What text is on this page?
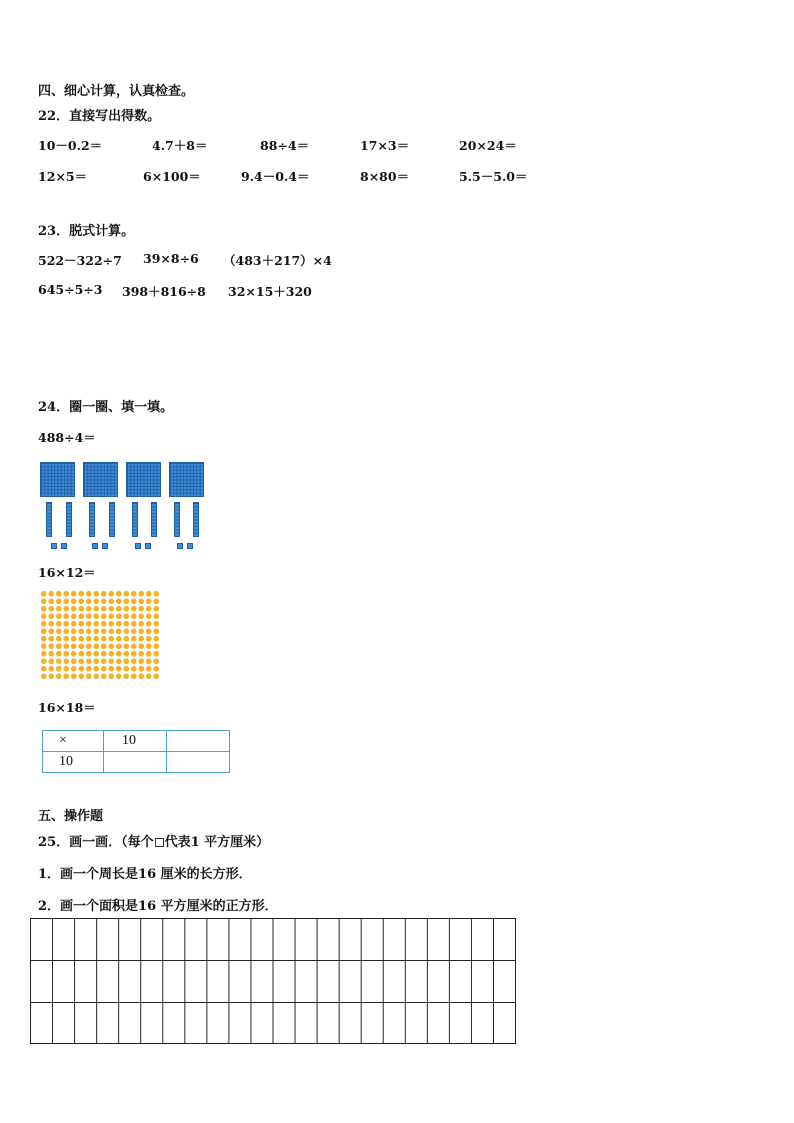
四、细心计算，认真检查。
22．直接写出得数。
10－0.2＝	4.7＋8＝	88÷4＝	17×3＝	20×24＝
12×5＝	6×100＝	9.4－0.4＝	8×80＝	5.5－5.0＝
23．脱式计算。
522－322÷7 39×8÷6 （483＋217）×4
645÷5÷3 398＋816÷8 32×15＋320
24．圈一圈、填一填。
488÷4＝
16×12＝
16×18＝
×	10	
10		
五、操作题
25．画一画．（每个 代表1 平方厘米）
1．画一个周长是16 厘米的长方形．
2．画一个面积是16 平方厘米的正方形．
